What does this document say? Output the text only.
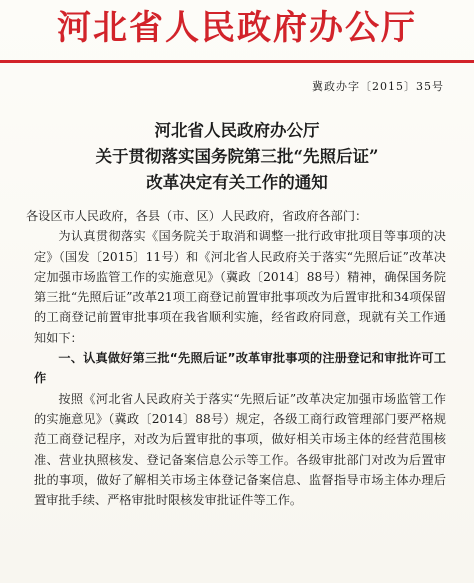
河北省人民政府办公厅
冀政办字〔2015〕35号
河北省人民政府办公厅
关于贯彻落实国务院第三批“先照后证”
改革决定有关工作的通知

各设区市人民政府，各县（市、区）人民政府，省政府各部门：

为认真贯彻落实《国务院关于取消和调整一批行政审批项目等事项的决定》（国发〔2015〕11号）和《河北省人民政府关于落实“先照后证”改革决定加强市场监管工作的实施意见》（冀政〔2014〕88号）精神，确保国务院第三批“先照后证”改革21项工商登记前置审批事项改为后置审批和34项保留的工商登记前置审批事项在我省顺利实施，经省政府同意，现就有关工作通知如下：

一、认真做好第三批“先照后证”改革审批事项的注册登记和审批许可工作

按照《河北省人民政府关于落实“先照后证”改革决定加强市场监管工作的实施意见》（冀政〔2014〕88号）规定，各级工商行政管理部门要严格规范工商登记程序，对改为后置审批的事项，做好相关市场主体的经营范围核准、营业执照核发、登记备案信息公示等工作。各级审批部门对改为后置审批的事项，做好了解相关市场主体登记备案信息、监督指导市场主体办理后置审批手续、严格审批时限核发审批证件等工作。
